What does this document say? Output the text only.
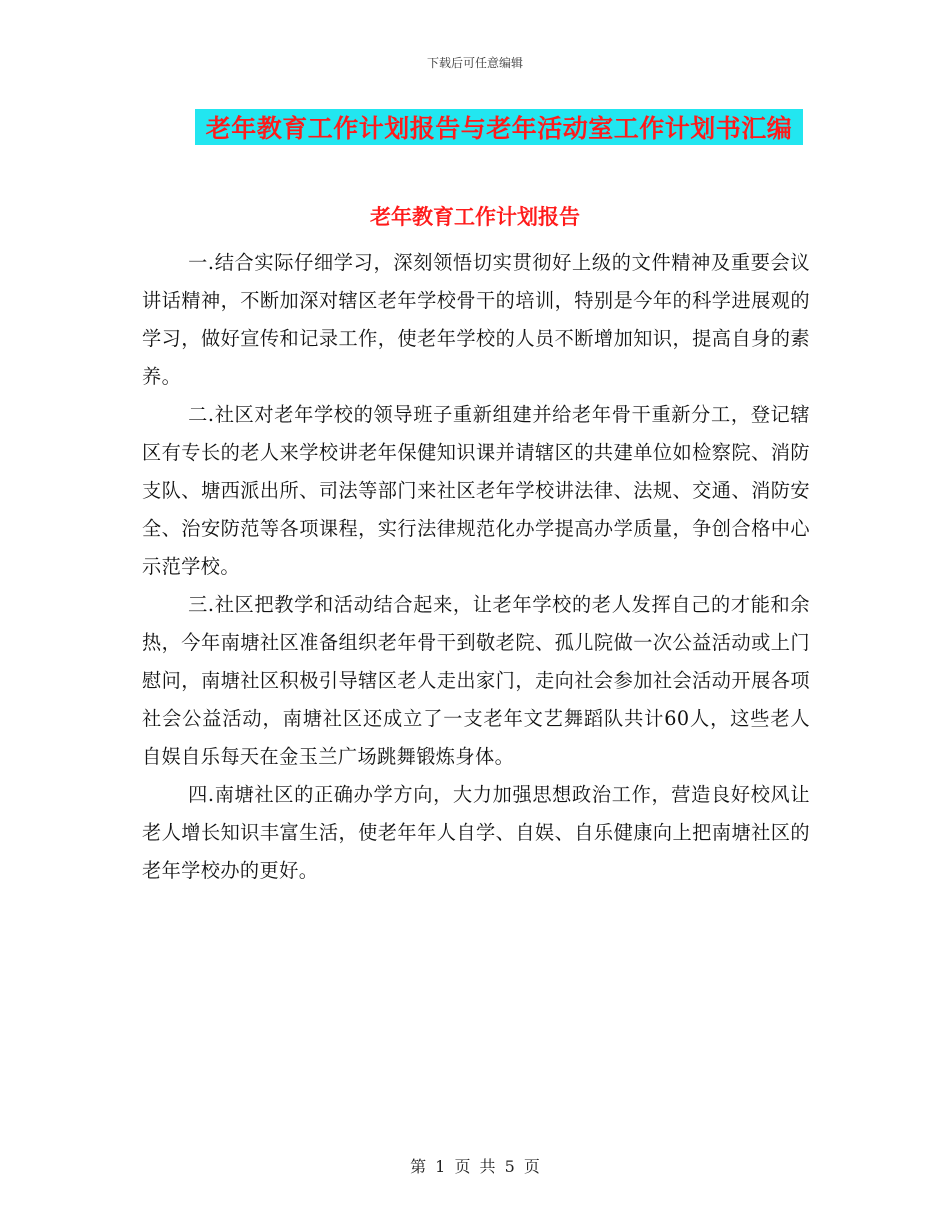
下载后可任意编辑
老年教育工作计划报告与老年活动室工作计划书汇编
老年教育工作计划报告

一.结合实际仔细学习，深刻领悟切实贯彻好上级的文件精神及重要会议讲话精神，不断加深对辖区老年学校骨干的培训，特别是今年的科学进展观的学习，做好宣传和记录工作，使老年学校的人员不断增加知识，提高自身的素养。

二.社区对老年学校的领导班子重新组建并给老年骨干重新分工，登记辖区有专长的老人来学校讲老年保健知识课并请辖区的共建单位如检察院、消防支队、塘西派出所、司法等部门来社区老年学校讲法律、法规、交通、消防安全、治安防范等各项课程，实行法律规范化办学提高办学质量，争创合格中心示范学校。

三.社区把教学和活动结合起来，让老年学校的老人发挥自己的才能和余热，今年南塘社区准备组织老年骨干到敬老院、孤儿院做一次公益活动或上门慰问，南塘社区积极引导辖区老人走出家门，走向社会参加社会活动开展各项社会公益活动，南塘社区还成立了一支老年文艺舞蹈队共计60人，这些老人自娱自乐每天在金玉兰广场跳舞锻炼身体。

四.南塘社区的正确办学方向，大力加强思想政治工作，营造良好校风让老人增长知识丰富生活，使老年年人自学、自娱、自乐健康向上把南塘社区的老年学校办的更好。

第 1 页 共 5 页
